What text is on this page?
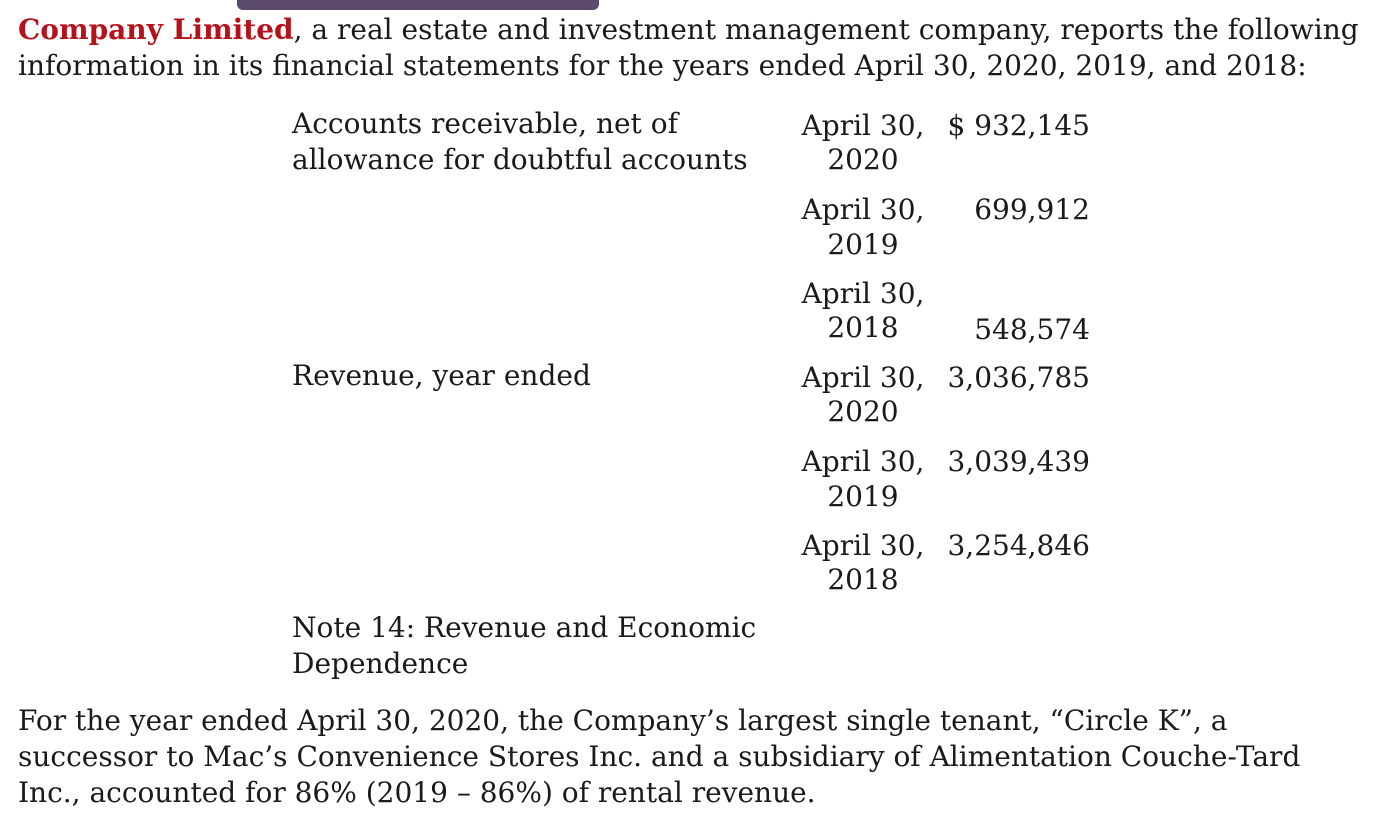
Company Limited, a real estate and investment management company, reports the following information in its financial statements for the years ended April 30, 2020, 2019, and 2018:

Accounts receivable, net of

allowance for doubtful accounts

April 30,

2020

$ 932,145

April 30,

2019

699,912

April 30,

2018	548,574

Revenue, year ended	April 30,

2020

3,036,785

April 30,

2019

3,039,439

April 30,

2018

3,254,846

Note 14: Revenue and Economic

Dependence

For the year ended April 30, 2020, the Company’s largest single tenant, “Circle K”, a successor to Mac’s Convenience Stores Inc. and a subsidiary of Alimentation Couche-Tard Inc., accounted for 86% (2019 – 86%) of rental revenue.
